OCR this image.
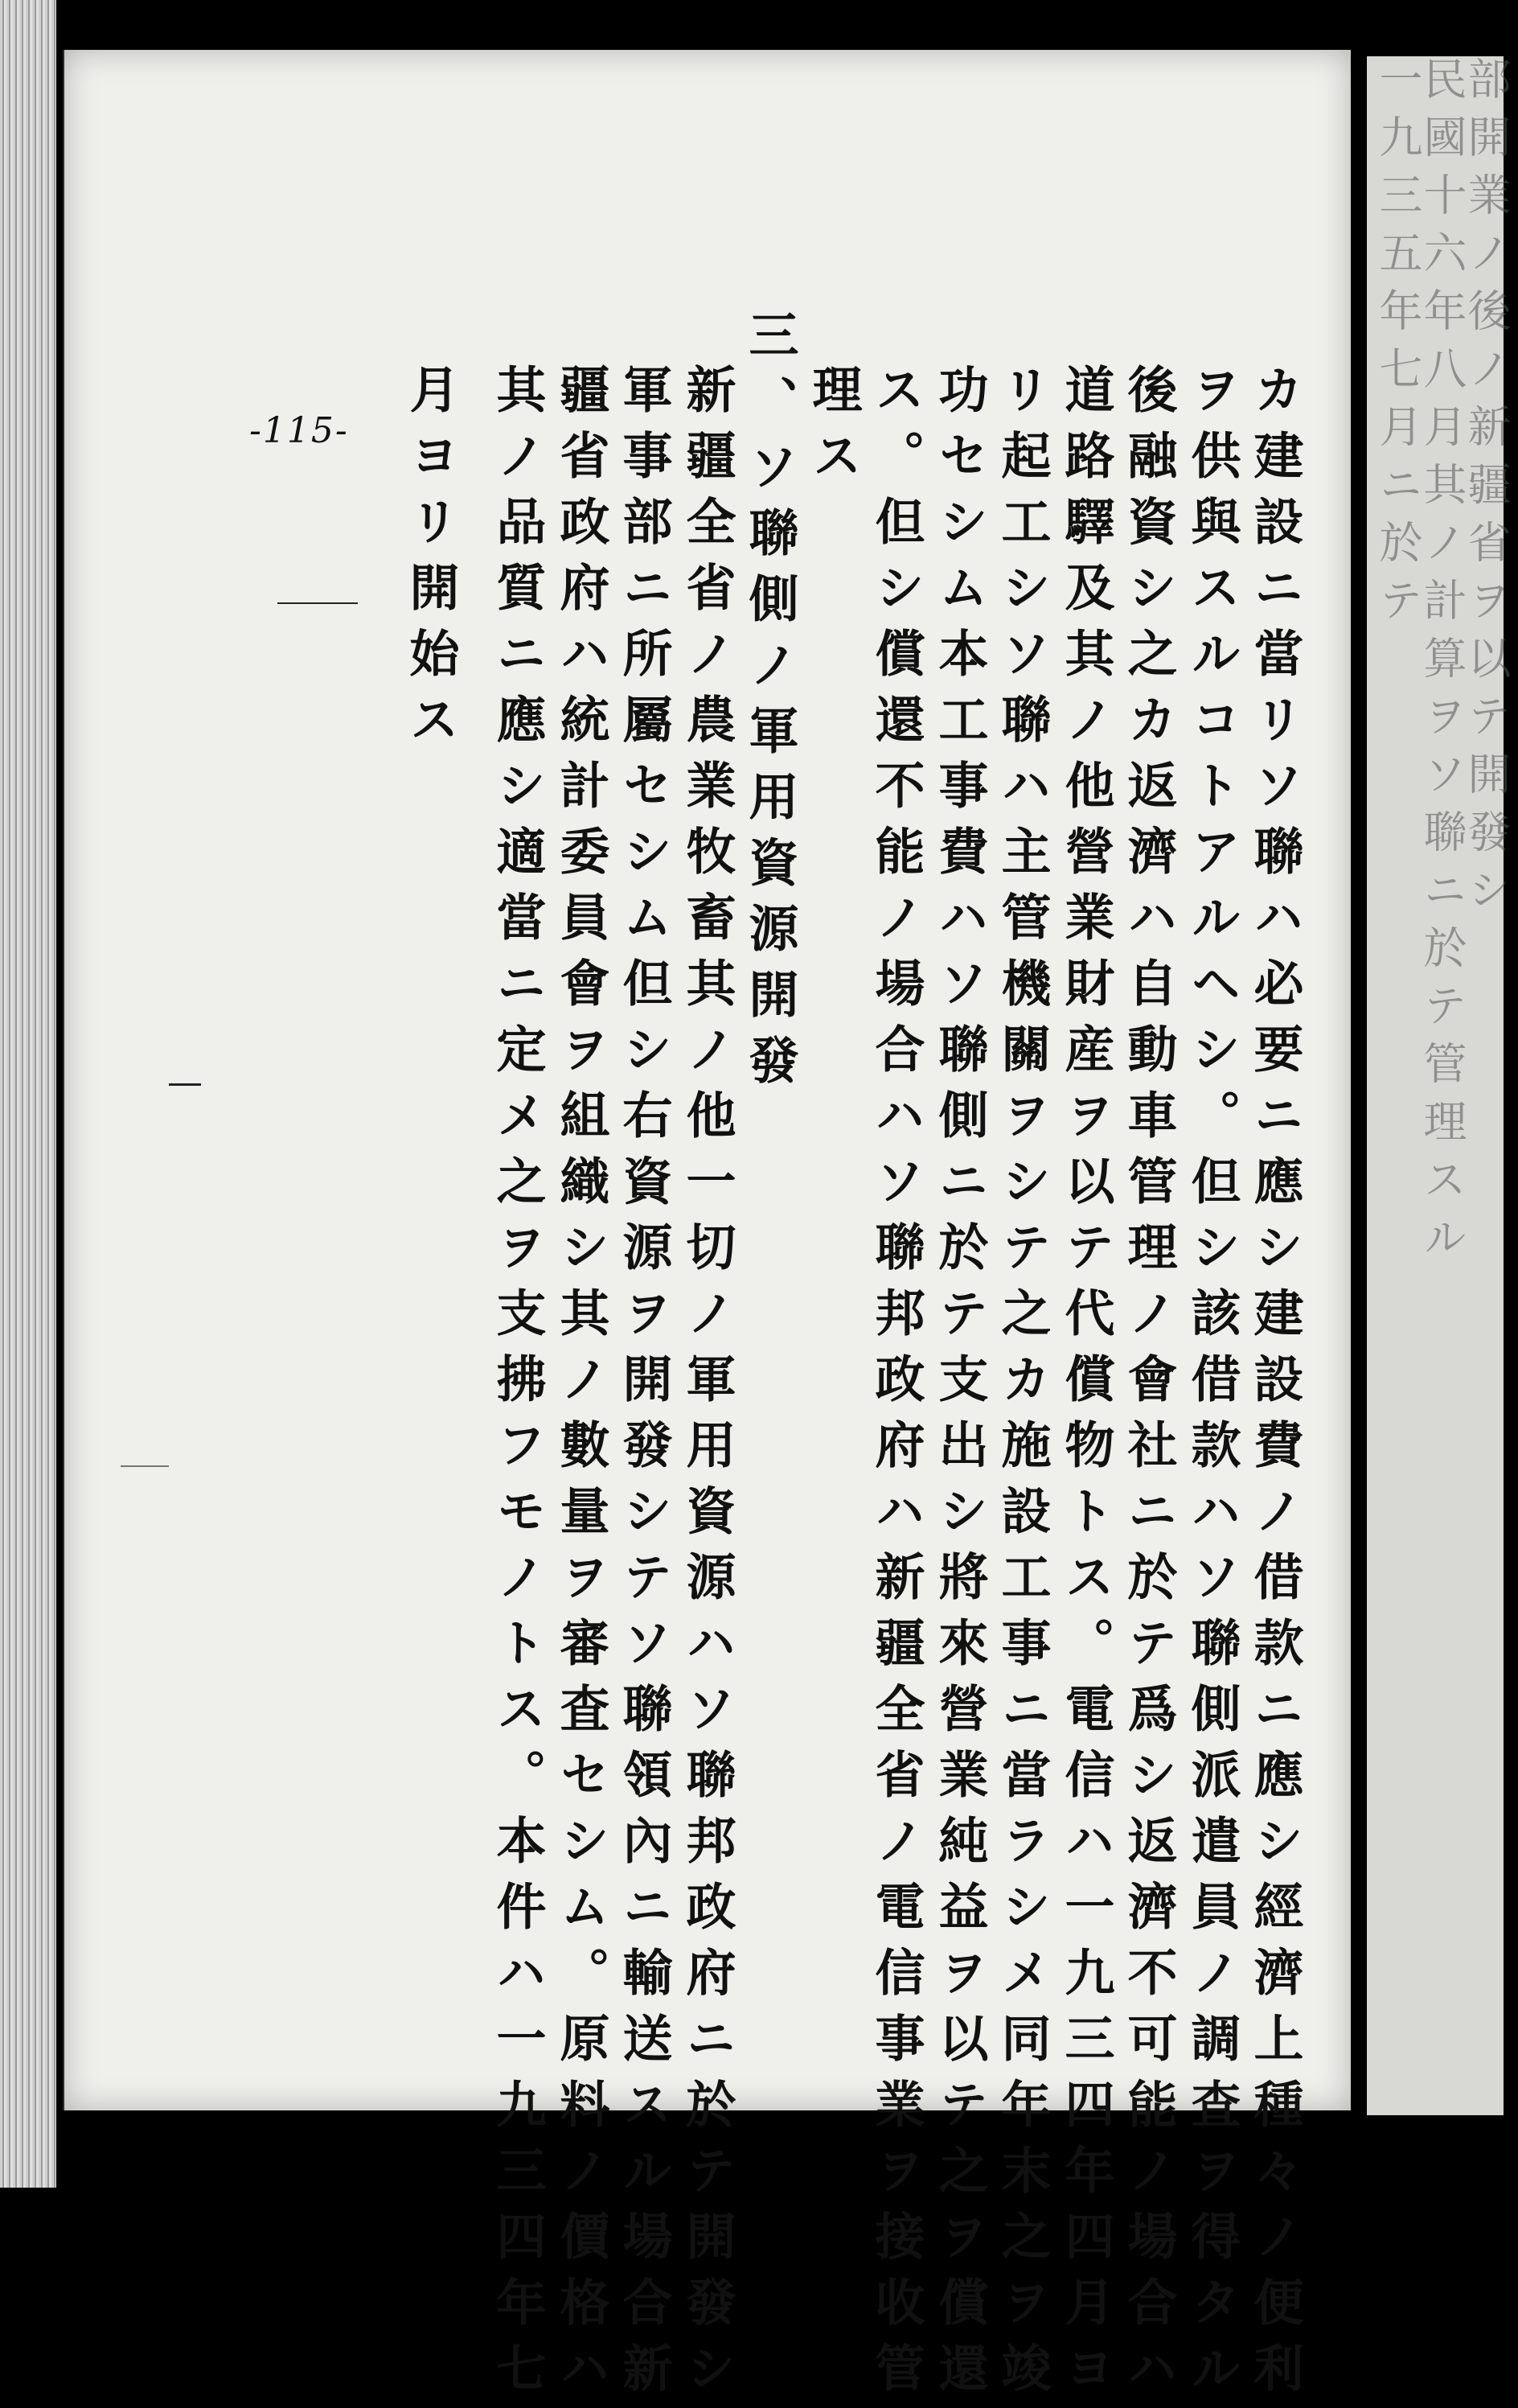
カ建設ニ當リソ聯ハ必要ニ應シ建設費ノ借款ニ應シ經濟上種々ノ便利
ヲ供與スルコトアルヘシ。但シ該借款ハソ聯側派遣員ノ調査ヲ得タル
後融資シ之カ返濟ハ自動車管理ノ會社ニ於テ爲シ返濟不可能ノ場合ハ
道路驛及其ノ他營業財産ヲ以テ代償物トス。電信ハ一九三四年四月ヨ
リ起工シソ聯ハ主管機關ヲシテ之カ施設工事ニ當ラシメ同年末之ヲ竣
功セシム本工事費ハソ聯側ニ於テ支出シ將來營業純益ヲ以テ之ヲ償還
ス。但シ償還不能ノ場合ハソ聯邦政府ハ新疆全省ノ電信事業ヲ接收管
理ス
三、ソ聯側ノ軍用資源開發
新疆全省ノ農業牧畜其ノ他一切ノ軍用資源ハソ聯邦政府ニ於テ開發シ
軍事部ニ所屬セシム但シ右資源ヲ開發シテソ聯領內ニ輸送スル場合新
疆省政府ハ統計委員會ヲ組織シ其ノ數量ヲ審査セシム。原料ノ價格ハ
其ノ品質ニ應シ適當ニ定メ之ヲ支拂フモノトス。本件ハ一九三四年七
月ヨリ開始ス
-115-	部開業ノ後ノ新疆省ヲ以テ開發シ
民國十六年八月其ノ計算ヲソ聯ニ於テ管理スル
一九三五年七月ニ於テ
